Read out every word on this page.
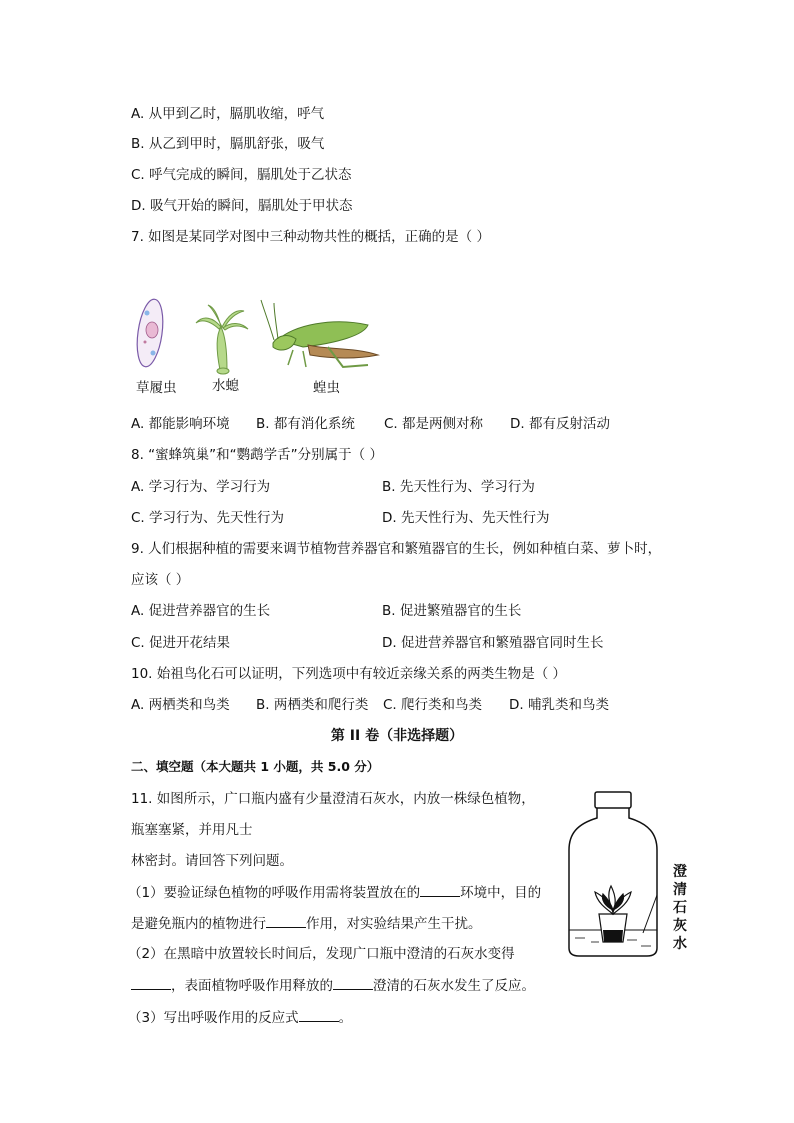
A. 从甲到乙时，膈肌收缩，呼气
B. 从乙到甲时，膈肌舒张，吸气
C. 呼气完成的瞬间，膈肌处于乙状态
D. 吸气开始的瞬间，膈肌处于甲状态
7. 如图是某同学对图中三种动物共性的概括，正确的是（ ）
草履虫	水螅	蝗虫
A. 都能影响环境 B. 都有消化系统 C. 都是两侧对称 D. 都有反射活动
8. “蜜蜂筑巢”和“鹦鹉学舌”分别属于（ ）
A. 学习行为、学习行为	B. 先天性行为、学习行为
C. 学习行为、先天性行为	D. 先天性行为、先天性行为
9. 人们根据种植的需要来调节植物营养器官和繁殖器官的生长，例如种植白菜、萝卜时，
应该（ ）
A. 促进营养器官的生长	B. 促进繁殖器官的生长
C. 促进开花结果	D. 促进营养器官和繁殖器官同时生长
10. 始祖鸟化石可以证明，下列选项中有较近亲缘关系的两类生物是（ ）
A. 两栖类和鸟类 B. 两栖类和爬行类 C. 爬行类和鸟类 D. 哺乳类和鸟类
第 II 卷（非选择题）
二、填空题（本大题共 1 小题，共 5.0 分）
11. 如图所示，广口瓶内盛有少量澄清石灰水，内放一株绿色植物，
瓶塞塞紧，并用凡士
林密封。请回答下列问题。
（1）要验证绿色植物的呼吸作用需将装置放在的	环境中，目的
是避免瓶内的植物进行	作用，对实验结果产生干扰。
（2）在黑暗中放置较长时间后，发现广口瓶中澄清的石灰水变得
，表面植物呼吸作用释放的	澄清的石灰水发生了反应。
（3）写出呼吸作用的反应式	。
澄
清
石
灰
水
